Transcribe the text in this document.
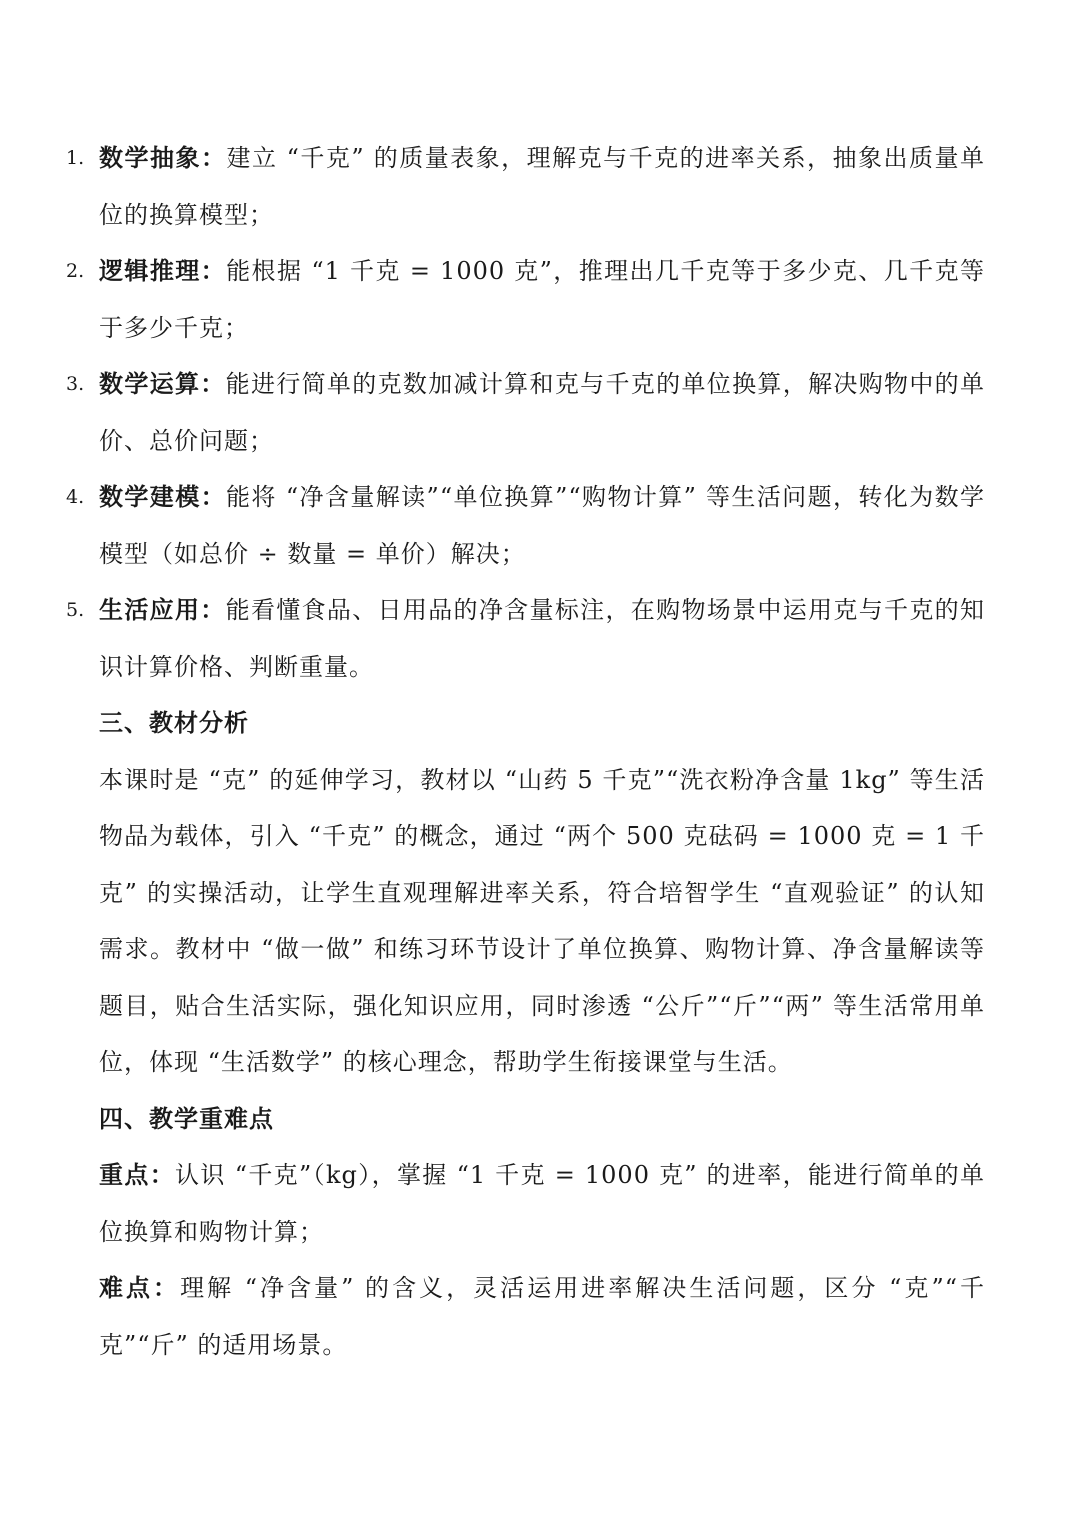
1. 数学抽象：建立 “千克” 的质量表象，理解克与千克的进率关系，抽象出质量单位的换算模型；
2. 逻辑推理：能根据 “1 千克 = 1000 克”，推理出几千克等于多少克、几千克等于多少千克；
3. 数学运算：能进行简单的克数加减计算和克与千克的单位换算，解决购物中的单价、总价问题；
4. 数学建模：能将 “净含量解读”“单位换算”“购物计算” 等生活问题，转化为数学模型（如总价 ÷ 数量 = 单价）解决；
5. 生活应用：能看懂食品、日用品的净含量标注，在购物场景中运用克与千克的知识计算价格、判断重量。
三、教材分析
本课时是 “克” 的延伸学习，教材以 “山药 5 千克”“洗衣粉净含量 1kg” 等生活物品为载体，引入 “千克” 的概念，通过 “两个 500 克砝码 = 1000 克 = 1 千克” 的实操活动，让学生直观理解进率关系，符合培智学生 “直观验证” 的认知需求。教材中 “做一做” 和练习环节设计了单位换算、购物计算、净含量解读等题目，贴合生活实际，强化知识应用，同时渗透 “公斤”“斤”“两” 等生活常用单位，体现 “生活数学” 的核心理念，帮助学生衔接课堂与生活。
四、教学重难点
重点：认识 “千克”（kg），掌握 “1 千克 = 1000 克” 的进率，能进行简单的单位换算和购物计算；
难点：理解 “净含量” 的含义，灵活运用进率解决生活问题，区分 “克”“千克”“斤” 的适用场景。
